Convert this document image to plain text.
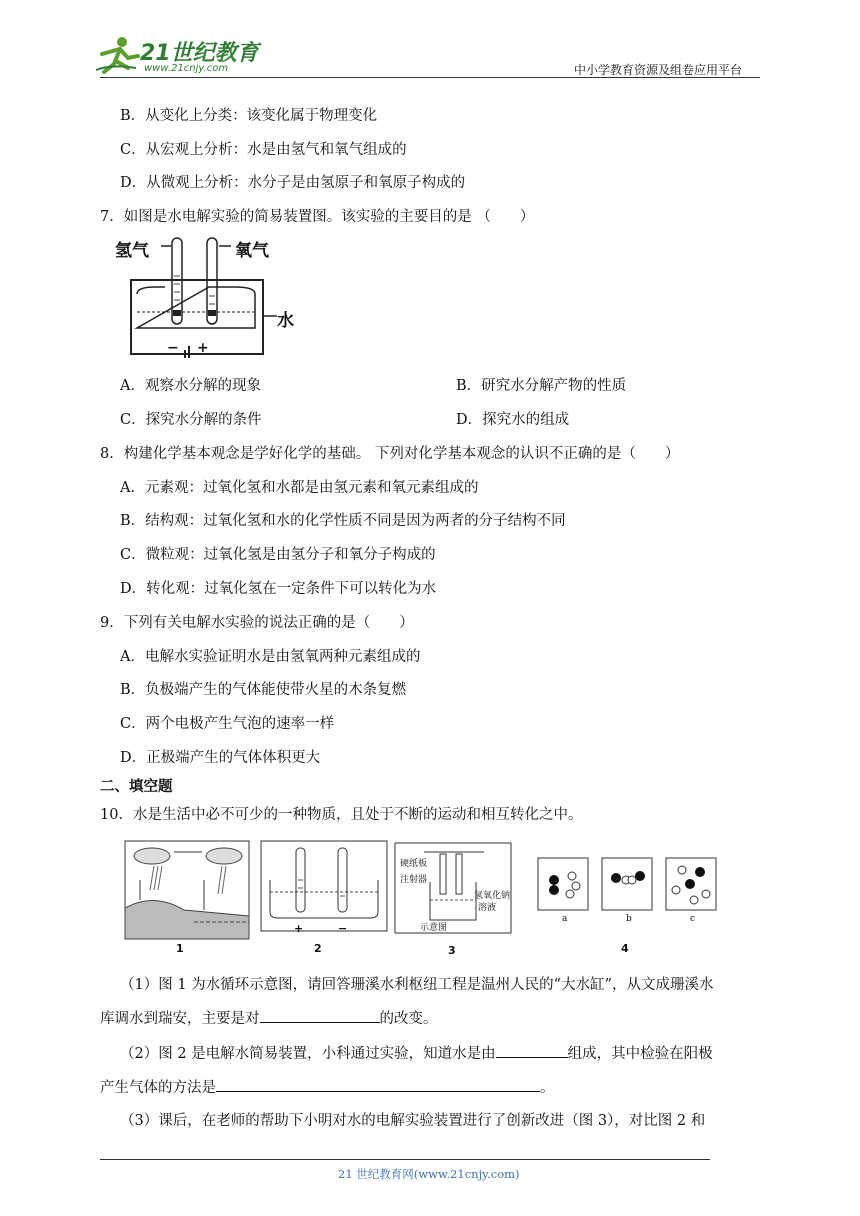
21世纪教育
www.21cnjy.com	中小学教育资源及组卷应用平台
B．从变化上分类：该变化属于物理变化
C．从宏观上分析：水是由氢气和氧气组成的
D．从微观上分析：水分子是由氢原子和氧原子构成的
7．如图是水电解实验的简易装置图。该实验的主要目的是 （　　）
氢气	氧气
水
− +
A．观察水分解的现象	B．研究水分解产物的性质
C．探究水分解的条件	D．探究水的组成
8．构建化学基本观念是学好化学的基础。 下列对化学基本观念的认识不正确的是（　　）
A．元素观：过氧化氢和水都是由氢元素和氧元素组成的
B．结构观：过氧化氢和水的化学性质不同是因为两者的分子结构不同
C．微粒观：过氧化氢是由氢分子和氧分子构成的
D．转化观：过氧化氢在一定条件下可以转化为水
9．下列有关电解水实验的说法正确的是（　　）
A．电解水实验证明水是由氢氧两种元素组成的
B．负极端产生的气体能使带火星的木条复燃
C．两个电极产生气泡的速率一样
D．正极端产生的气体体积更大
二、填空题
10．水是生活中必不可少的一种物质，且处于不断的运动和相互转化之中。
1
+	−
2
硬纸板
注射器
氢氧化钠
溶液
示意图
3
a	b	c
4
（1）图 1 为水循环示意图，请回答珊溪水利枢纽工程是温州人民的“大水缸”，从文成珊溪水
库调水到瑞安，主要是对	的改变。
（2）图 2 是电解水简易装置，小科通过实验，知道水是由	组成，其中检验在阳极
产生气体的方法是	。
（3）课后，在老师的帮助下小明对水的电解实验装置进行了创新改进（图 3），对比图 2 和
21 世纪教育网(www.21cnjy.com)
